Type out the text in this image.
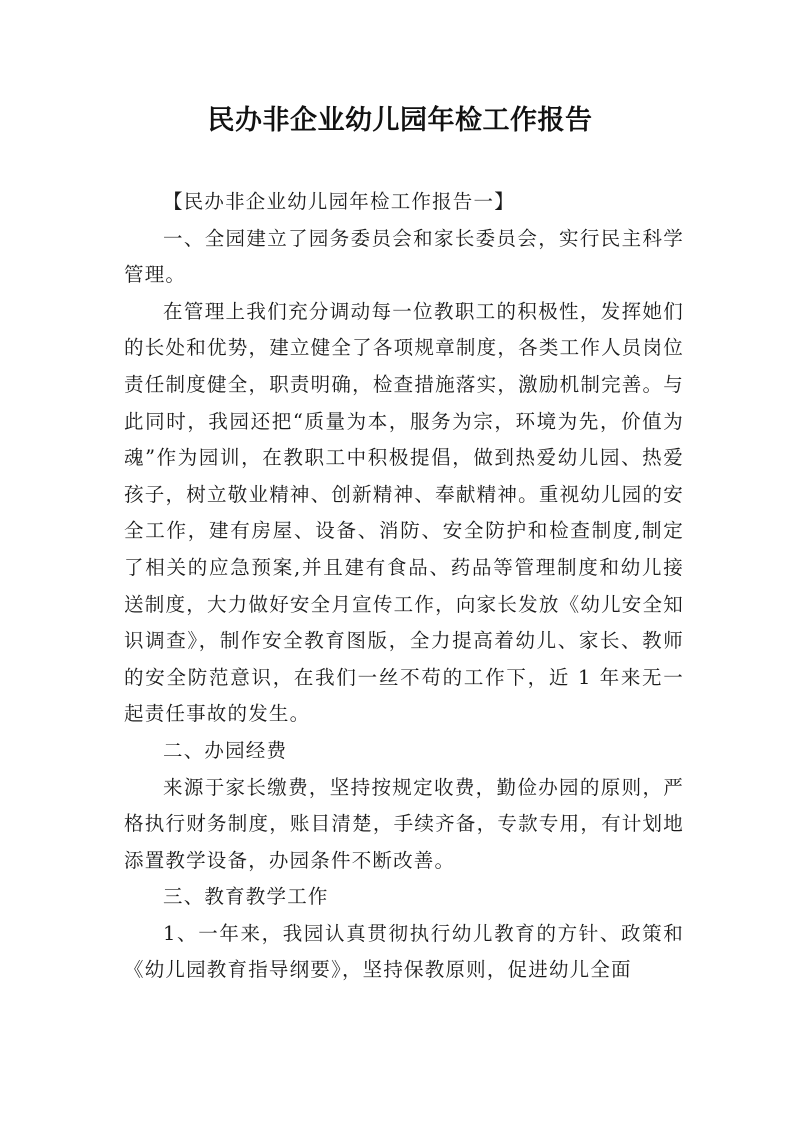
民办非企业幼儿园年检工作报告

【民办非企业幼儿园年检工作报告一】

一、全园建立了园务委员会和家长委员会，实行民主科学管理。

在管理上我们充分调动每一位教职工的积极性，发挥她们的长处和优势，建立健全了各项规章制度，各类工作人员岗位责任制度健全，职责明确，检查措施落实，激励机制完善。与此同时，我园还把“质量为本，服务为宗，环境为先，价值为魂”作为园训，在教职工中积极提倡，做到热爱幼儿园、热爱孩子，树立敬业精神、创新精神、奉献精神。重视幼儿园的安全工作，建有房屋、设备、消防、安全防护和检查制度,制定了相关的应急预案,并且建有食品、药品等管理制度和幼儿接送制度，大力做好安全月宣传工作，向家长发放《幼儿安全知识调查》，制作安全教育图版，全力提高着幼儿、家长、教师的安全防范意识，在我们一丝不苟的工作下，近 1 年来无一起责任事故的发生。

二、办园经费

来源于家长缴费，坚持按规定收费，勤俭办园的原则，严格执行财务制度，账目清楚，手续齐备，专款专用，有计划地添置教学设备，办园条件不断改善。

三、教育教学工作

1、一年来，我园认真贯彻执行幼儿教育的方针、政策和《幼儿园教育指导纲要》，坚持保教原则，促进幼儿全面
